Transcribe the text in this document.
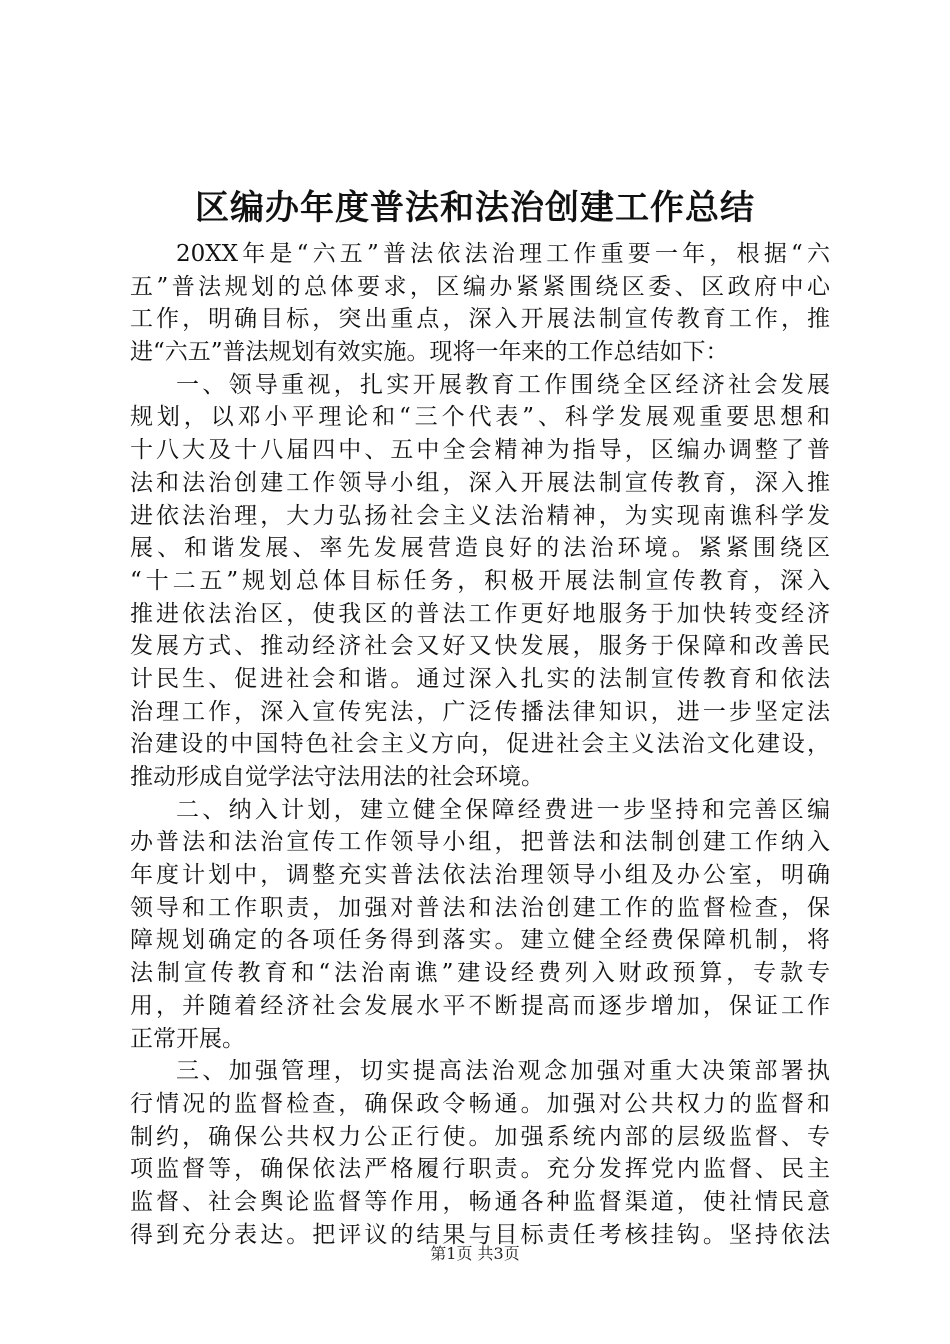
区编办年度普法和法治创建工作总结
20XX年是“六五”普法依法治理工作重要一年，根据“六
五”普法规划的总体要求，区编办紧紧围绕区委、区政府中心
工作，明确目标，突出重点，深入开展法制宣传教育工作，推
进“六五”普法规划有效实施。现将一年来的工作总结如下：
一、领导重视，扎实开展教育工作围绕全区经济社会发展
规划，以邓小平理论和“三个代表”、科学发展观重要思想和
十八大及十八届四中、五中全会精神为指导，区编办调整了普
法和法治创建工作领导小组，深入开展法制宣传教育，深入推
进依法治理，大力弘扬社会主义法治精神，为实现南谯科学发
展、和谐发展、率先发展营造良好的法治环境。紧紧围绕区
“十二五”规划总体目标任务，积极开展法制宣传教育，深入
推进依法治区，使我区的普法工作更好地服务于加快转变经济
发展方式、推动经济社会又好又快发展，服务于保障和改善民
计民生、促进社会和谐。通过深入扎实的法制宣传教育和依法
治理工作，深入宣传宪法，广泛传播法律知识，进一步坚定法
治建设的中国特色社会主义方向，促进社会主义法治文化建设，
推动形成自觉学法守法用法的社会环境。
二、纳入计划，建立健全保障经费进一步坚持和完善区编
办普法和法治宣传工作领导小组，把普法和法制创建工作纳入
年度计划中，调整充实普法依法治理领导小组及办公室，明确
领导和工作职责，加强对普法和法治创建工作的监督检查，保
障规划确定的各项任务得到落实。建立健全经费保障机制，将
法制宣传教育和“法治南谯”建设经费列入财政预算，专款专
用，并随着经济社会发展水平不断提高而逐步增加，保证工作
正常开展。
三、加强管理，切实提高法治观念加强对重大决策部署执
行情况的监督检查，确保政令畅通。加强对公共权力的监督和
制约，确保公共权力公正行使。加强系统内部的层级监督、专
项监督等，确保依法严格履行职责。充分发挥党内监督、民主
监督、社会舆论监督等作用，畅通各种监督渠道，使社情民意
得到充分表达。把评议的结果与目标责任考核挂钩。坚持依法
第1页 共3页
